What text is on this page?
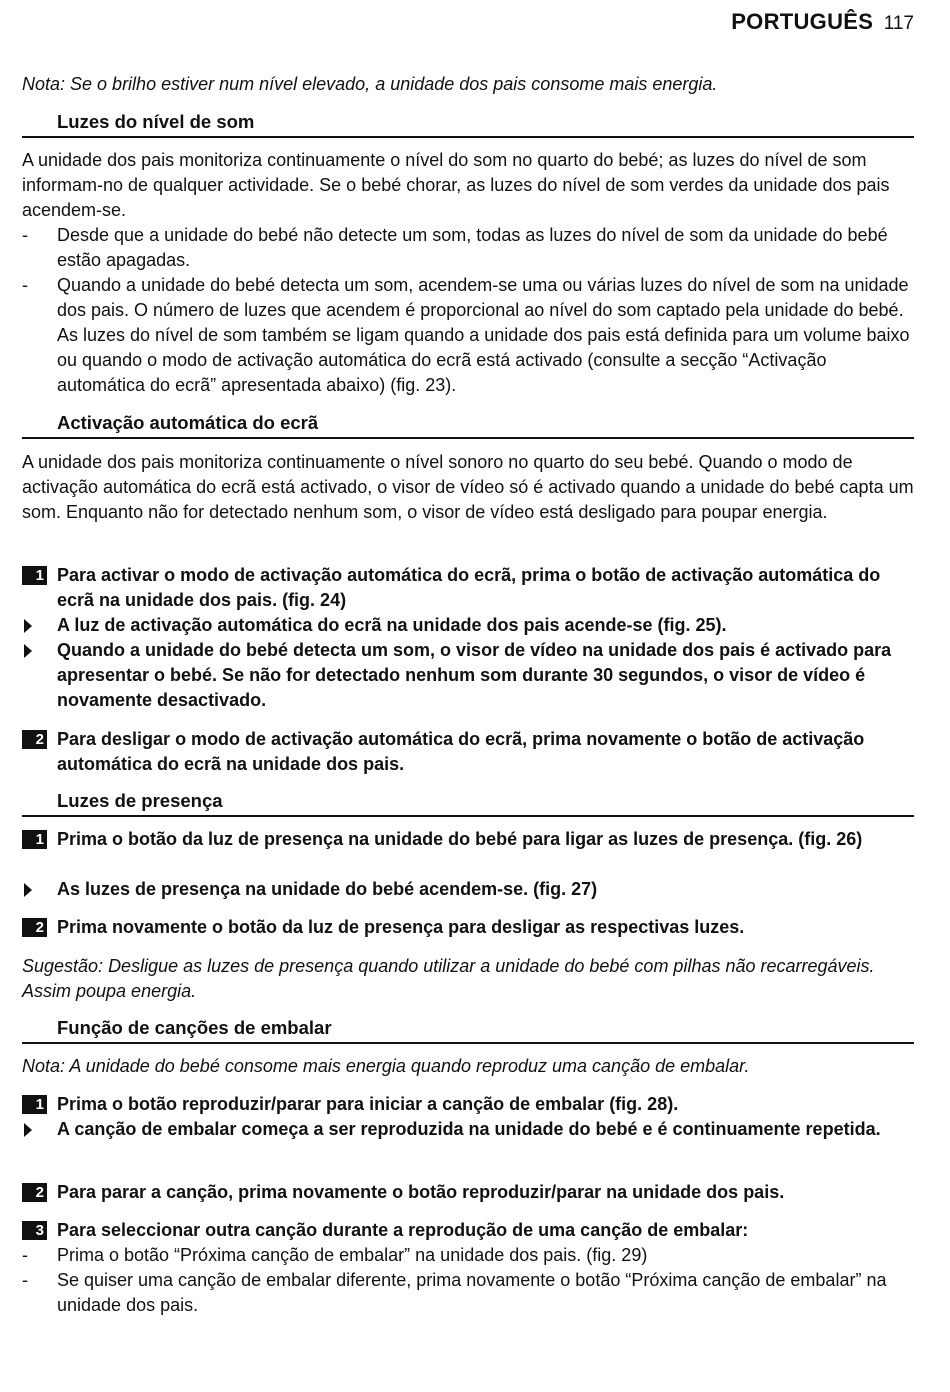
PORTUGUÊS 117

Nota: Se o brilho estiver num nível elevado, a unidade dos pais consome mais energia.

Luzes do nível de som

A unidade dos pais monitoriza continuamente o nível do som no quarto do bebé; as luzes do nível de som informam-no de qualquer actividade. Se o bebé chorar, as luzes do nível de som verdes da unidade dos pais acendem-se.

-	Desde que a unidade do bebé não detecte um som, todas as luzes do nível de som da unidade do bebé estão apagadas.
-	Quando a unidade do bebé detecta um som, acendem-se uma ou várias luzes do nível de som na unidade dos pais. O número de luzes que acendem é proporcional ao nível do som captado pela unidade do bebé. As luzes do nível de som também se ligam quando a unidade dos pais está definida para um volume baixo ou quando o modo de activação automática do ecrã está activado (consulte a secção “Activação automática do ecrã” apresentada abaixo) (fig. 23).
Activação automática do ecrã

A unidade dos pais monitoriza continuamente o nível sonoro no quarto do seu bebé. Quando o modo de activação automática do ecrã está activado, o visor de vídeo só é activado quando a unidade do bebé capta um som. Enquanto não for detectado nenhum som, o visor de vídeo está desligado para poupar energia.

1 Para activar o modo de activação automática do ecrã, prima o botão de activação automática do ecrã na unidade dos pais. (fig. 24)
A luz de activação automática do ecrã na unidade dos pais acende-se (fig. 25).
Quando a unidade do bebé detecta um som, o visor de vídeo na unidade dos pais é activado para apresentar o bebé. Se não for detectado nenhum som durante 30 segundos, o visor de vídeo é novamente desactivado.
2 Para desligar o modo de activação automática do ecrã, prima novamente o botão de activação automática do ecrã na unidade dos pais.
Luzes de presença
1 Prima o botão da luz de presença na unidade do bebé para ligar as luzes de presença. (fig. 26)
As luzes de presença na unidade do bebé acendem-se. (fig. 27)
2 Prima novamente o botão da luz de presença para desligar as respectivas luzes.

Sugestão: Desligue as luzes de presença quando utilizar a unidade do bebé com pilhas não recarregáveis. Assim poupa energia.

Função de canções de embalar

Nota: A unidade do bebé consome mais energia quando reproduz uma canção de embalar.

1 Prima o botão reproduzir/parar para iniciar a canção de embalar (fig. 28).
A canção de embalar começa a ser reproduzida na unidade do bebé e é continuamente repetida.
2 Para parar a canção, prima novamente o botão reproduzir/parar na unidade dos pais.
3 Para seleccionar outra canção durante a reprodução de uma canção de embalar:
-	Prima o botão “Próxima canção de embalar” na unidade dos pais. (fig. 29)
-	Se quiser uma canção de embalar diferente, prima novamente o botão “Próxima canção de embalar” na unidade dos pais.
